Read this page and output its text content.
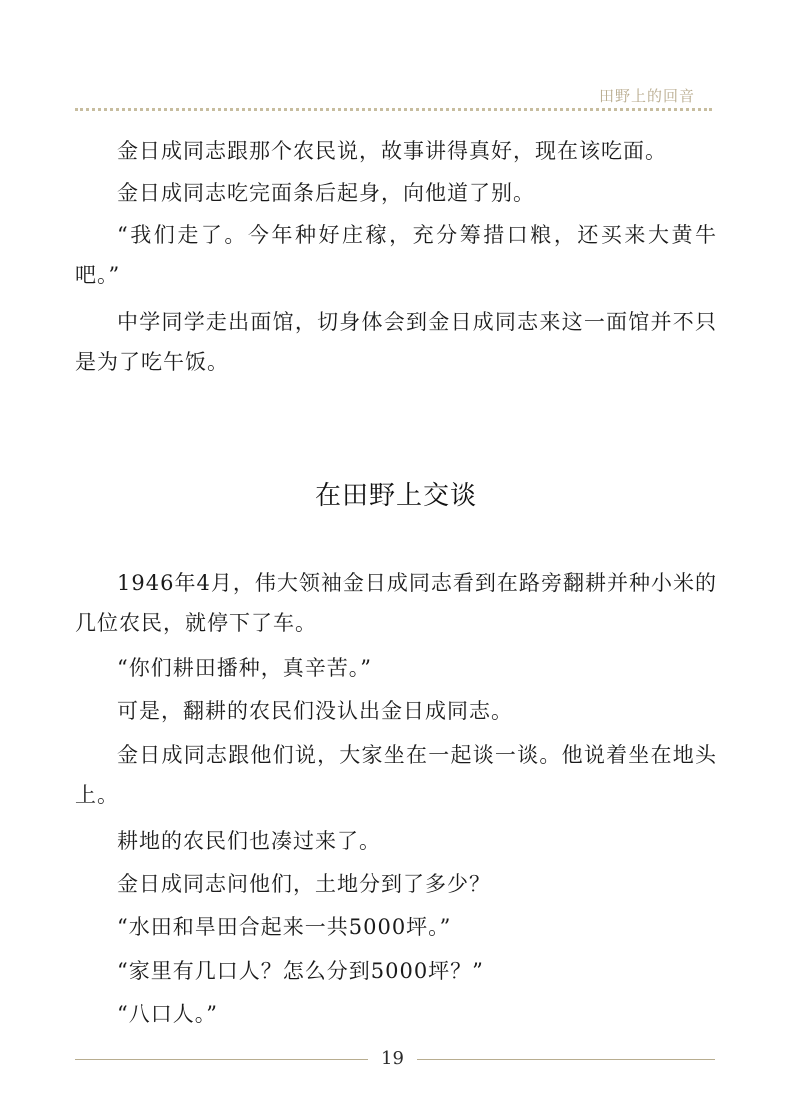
田野上的回音

金日成同志跟那个农民说，故事讲得真好，现在该吃面。

金日成同志吃完面条后起身，向他道了别。

“我们走了。今年种好庄稼，充分筹措口粮，还买来大黄牛吧。”

中学同学走出面馆，切身体会到金日成同志来这一面馆并不只是为了吃午饭。

在田野上交谈

1946年4月，伟大领袖金日成同志看到在路旁翻耕并种小米的几位农民，就停下了车。

“你们耕田播种，真辛苦。”

可是，翻耕的农民们没认出金日成同志。

金日成同志跟他们说，大家坐在一起谈一谈。他说着坐在地头上。

耕地的农民们也凑过来了。

金日成同志问他们，土地分到了多少？

“水田和旱田合起来一共5000坪。”

“家里有几口人？怎么分到5000坪？”

“八口人。”

19
